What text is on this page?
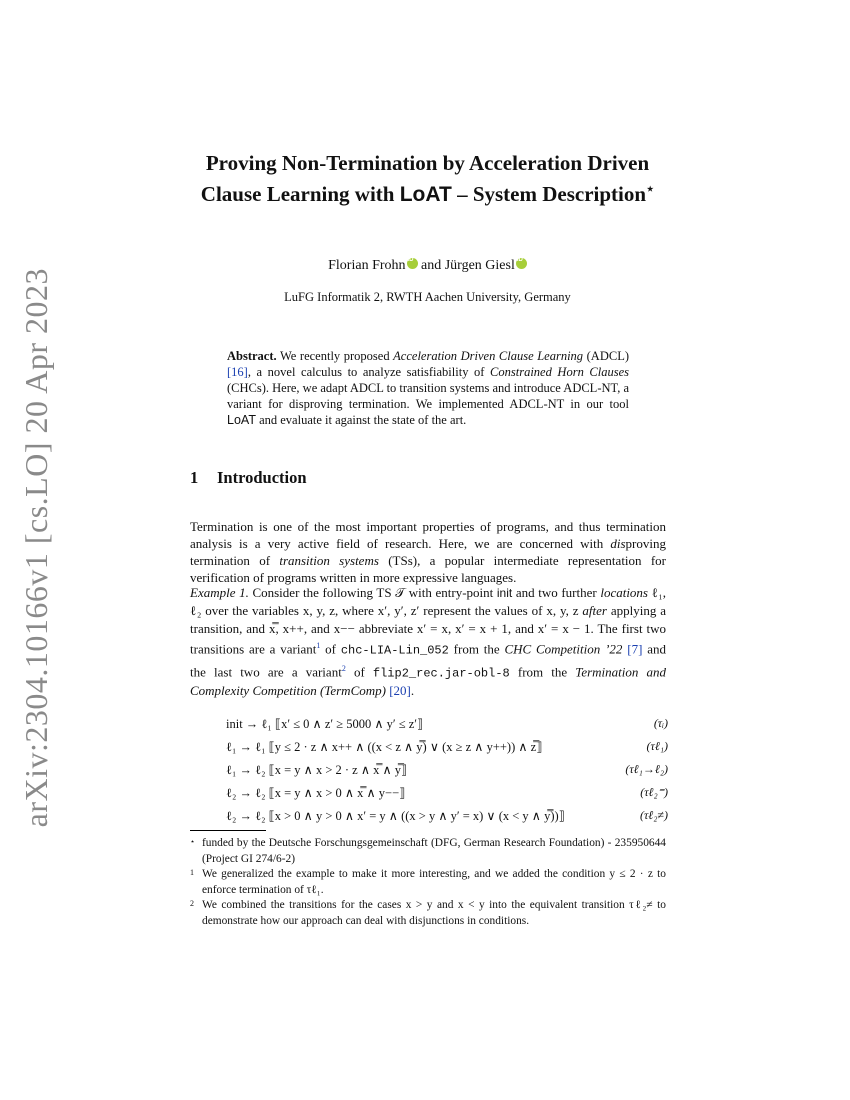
arXiv:2304.10166v1 [cs.LO] 20 Apr 2023
Proving Non-Termination by Acceleration Driven Clause Learning with LoAT – System Description⋆
Florian FrohniD and Jürgen GiesliD
LuFG Informatik 2, RWTH Aachen University, Germany
Abstract. We recently proposed Acceleration Driven Clause Learning (ADCL) [16], a novel calculus to analyze satisfiability of Constrained Horn Clauses (CHCs). Here, we adapt ADCL to transition systems and introduce ADCL-NT, a variant for disproving termination. We implemented ADCL-NT in our tool LoAT and evaluate it against the state of the art.
1 Introduction
Termination is one of the most important properties of programs, and thus termination analysis is a very active field of research. Here, we are concerned with disproving termination of transition systems (TSs), a popular intermediate representation for verification of programs written in more expressive languages.
Example 1. Consider the following TS 𝒯 with entry-point init and two further locations ℓ₁, ℓ₂ over the variables x, y, z, where x′, y′, z′ represent the values of x, y, z after applying a transition, and x̿, x++, and x−− abbreviate x′ = x, x′ = x + 1, and x′ = x − 1. The first two transitions are a variant$^1$ of chc-LIA-Lin_052 from the CHC Competition ’22 [7] and the last two are a variant$^2$ of flip2_rec.jar-obl-8 from the Termination and Complexity Competition (TermComp) [20].
init → ℓ₁ ⟦x′ ≤ 0 ∧ z′ ≥ 5000 ∧ y′ ≤ z′⟧	(τᵢ)
ℓ₁ → ℓ₁ ⟦y ≤ 2 · z ∧ x++ ∧ ((x < z ∧ y̿) ∨ (x ≥ z ∧ y++)) ∧ z̿⟧	(τℓ₁)
ℓ₁ → ℓ₂ ⟦x = y ∧ x > 2 · z ∧ x̿ ∧ y̿⟧	(τℓ₁→ℓ₂)
ℓ₂ → ℓ₂ ⟦x = y ∧ x > 0 ∧ x̿ ∧ y−−⟧	(τℓ₂⁼)
ℓ₂ → ℓ₂ ⟦x > 0 ∧ y > 0 ∧ x′ = y ∧ ((x > y ∧ y′ = x) ∨ (x < y ∧ y̿))⟧	(τℓ₂≠)
⋆ funded by the Deutsche Forschungsgemeinschaft (DFG, German Research Foundation) - 235950644 (Project GI 274/6-2)
1 We generalized the example to make it more interesting, and we added the condition y ≤ 2 · z to enforce termination of τℓ₁.
2 We combined the transitions for the cases x > y and x < y into the equivalent transition τℓ₂≠ to demonstrate how our approach can deal with disjunctions in conditions.
